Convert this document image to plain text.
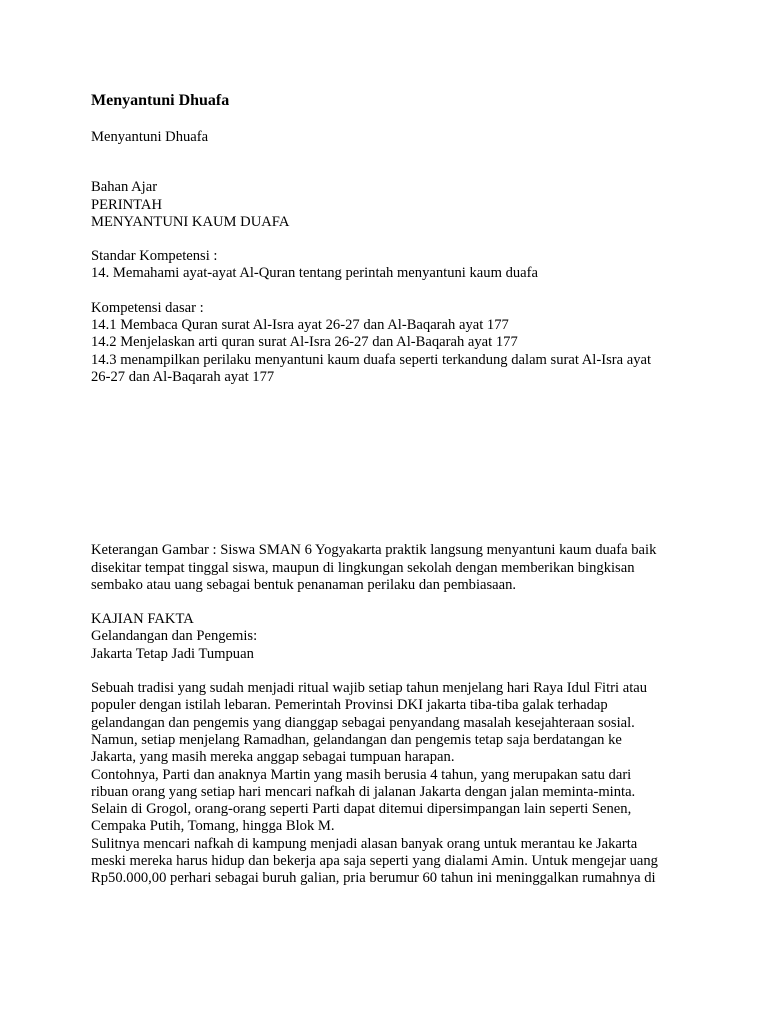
Menyantuni Dhuafa
Menyantuni Dhuafa
Bahan Ajar
PERINTAH
MENYANTUNI KAUM DUAFA
Standar Kompetensi :
14. Memahami ayat-ayat Al-Quran tentang perintah menyantuni kaum duafa
Kompetensi dasar :
14.1 Membaca Quran surat Al-Isra ayat 26-27 dan Al-Baqarah ayat 177
14.2 Menjelaskan arti quran surat Al-Isra 26-27 dan Al-Baqarah ayat 177
14.3 menampilkan perilaku menyantuni kaum duafa seperti terkandung dalam surat Al-Isra ayat
26-27 dan Al-Baqarah ayat 177
Keterangan Gambar : Siswa SMAN 6 Yogyakarta praktik langsung menyantuni kaum duafa baik
disekitar tempat tinggal siswa, maupun di lingkungan sekolah dengan memberikan bingkisan
sembako atau uang sebagai bentuk penanaman perilaku dan pembiasaan.
KAJIAN FAKTA
Gelandangan dan Pengemis:
Jakarta Tetap Jadi Tumpuan
Sebuah tradisi yang sudah menjadi ritual wajib setiap tahun menjelang hari Raya Idul Fitri atau
populer dengan istilah lebaran. Pemerintah Provinsi DKI jakarta tiba-tiba galak terhadap
gelandangan dan pengemis yang dianggap sebagai penyandang masalah kesejahteraan sosial.
Namun, setiap menjelang Ramadhan, gelandangan dan pengemis tetap saja berdatangan ke
Jakarta, yang masih mereka anggap sebagai tumpuan harapan.
Contohnya, Parti dan anaknya Martin yang masih berusia 4 tahun, yang merupakan satu dari
ribuan orang yang setiap hari mencari nafkah di jalanan Jakarta dengan jalan meminta-minta.
Selain di Grogol, orang-orang seperti Parti dapat ditemui dipersimpangan lain seperti Senen,
Cempaka Putih, Tomang, hingga Blok M.
Sulitnya mencari nafkah di kampung menjadi alasan banyak orang untuk merantau ke Jakarta
meski mereka harus hidup dan bekerja apa saja seperti yang dialami Amin. Untuk mengejar uang
Rp50.000,00 perhari sebagai buruh galian, pria berumur 60 tahun ini meninggalkan rumahnya di
